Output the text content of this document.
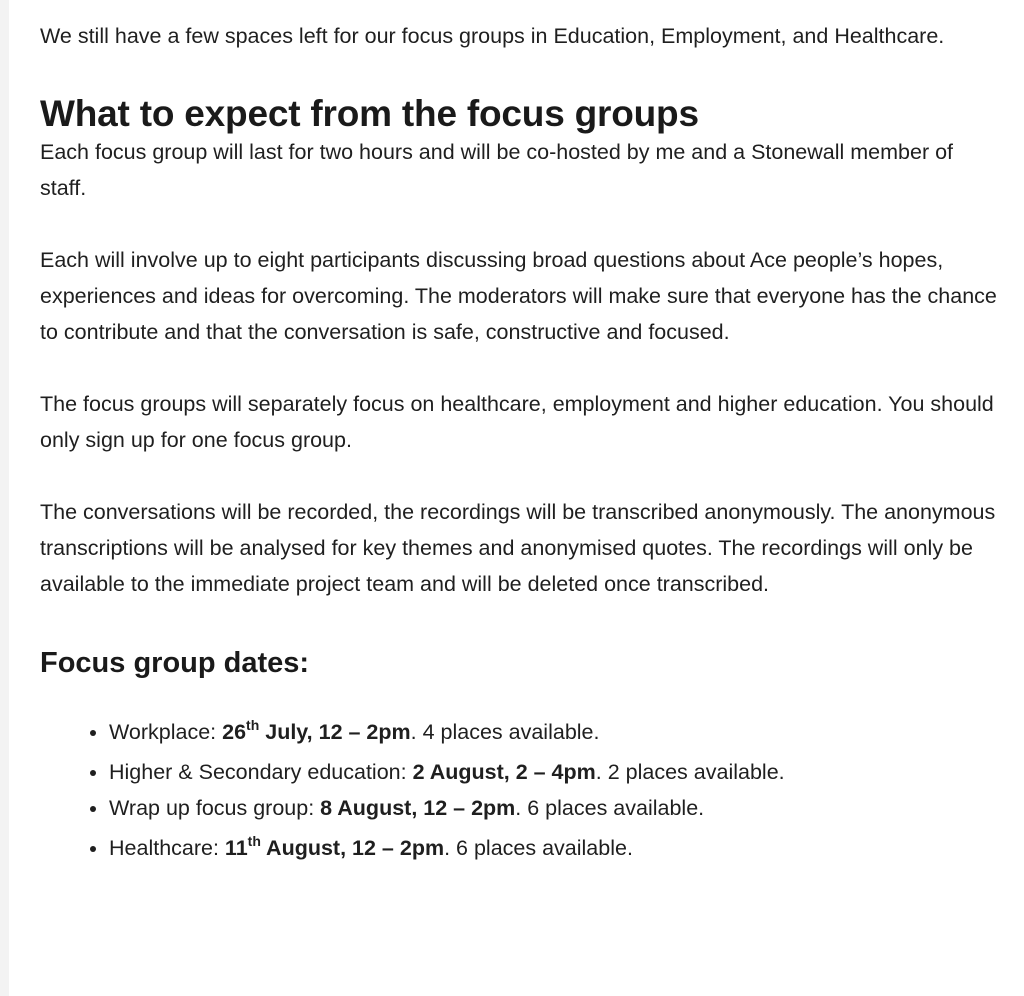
We still have a few spaces left for our focus groups in Education, Employment, and Healthcare.

What to expect from the focus groups

Each focus group will last for two hours and will be co-hosted by me and a Stonewall member of staff.

Each will involve up to eight participants discussing broad questions about Ace people’s hopes, experiences and ideas for overcoming. The moderators will make sure that everyone has the chance to contribute and that the conversation is safe, constructive and focused.

The focus groups will separately focus on healthcare, employment and higher education. You should only sign up for one focus group.

The conversations will be recorded, the recordings will be transcribed anonymously. The anonymous transcriptions will be analysed for key themes and anonymised quotes. The recordings will only be available to the immediate project team and will be deleted once transcribed.

Focus group dates:
• Workplace: 26th July, 12 – 2pm. 4 places available.
• Higher & Secondary education: 2 August, 2 – 4pm. 2 places available.
• Wrap up focus group: 8 August, 12 – 2pm. 6 places available.
• Healthcare: 11th August, 12 – 2pm. 6 places available.
